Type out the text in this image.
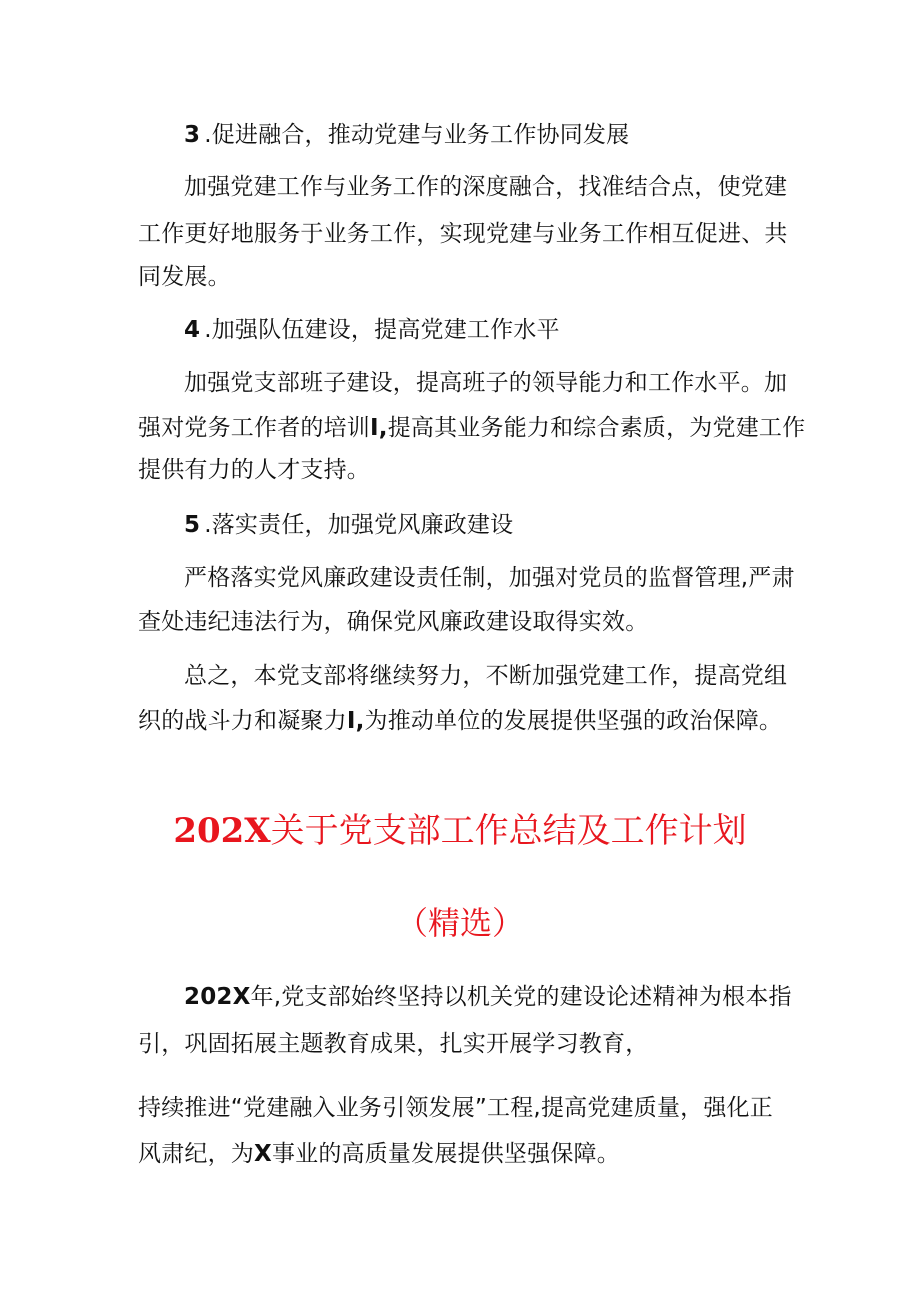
3 .促进融合，推动党建与业务工作协同发展
加强党建工作与业务工作的深度融合，找准结合点，使党建
工作更好地服务于业务工作，实现党建与业务工作相互促进、共
同发展。
4 .加强队伍建设，提高党建工作水平
加强党支部班子建设，提高班子的领导能力和工作水平。加
强对党务工作者的培训I,提高其业务能力和综合素质，为党建工作
提供有力的人才支持。
5 .落实责任，加强党风廉政建设
严格落实党风廉政建设责任制，加强对党员的监督管理,严肃
查处违纪违法行为，确保党风廉政建设取得实效。
总之，本党支部将继续努力，不断加强党建工作，提高党组
织的战斗力和凝聚力I,为推动单位的发展提供坚强的政治保障。
202X关于党支部工作总结及工作计划
（精选）
202X年,党支部始终坚持以机关党的建设论述精神为根本指
引，巩固拓展主题教育成果，扎实开展学习教育，
持续推进“党建融入业务引领发展”工程,提高党建质量，强化正
风肃纪，为X事业的高质量发展提供坚强保障。
